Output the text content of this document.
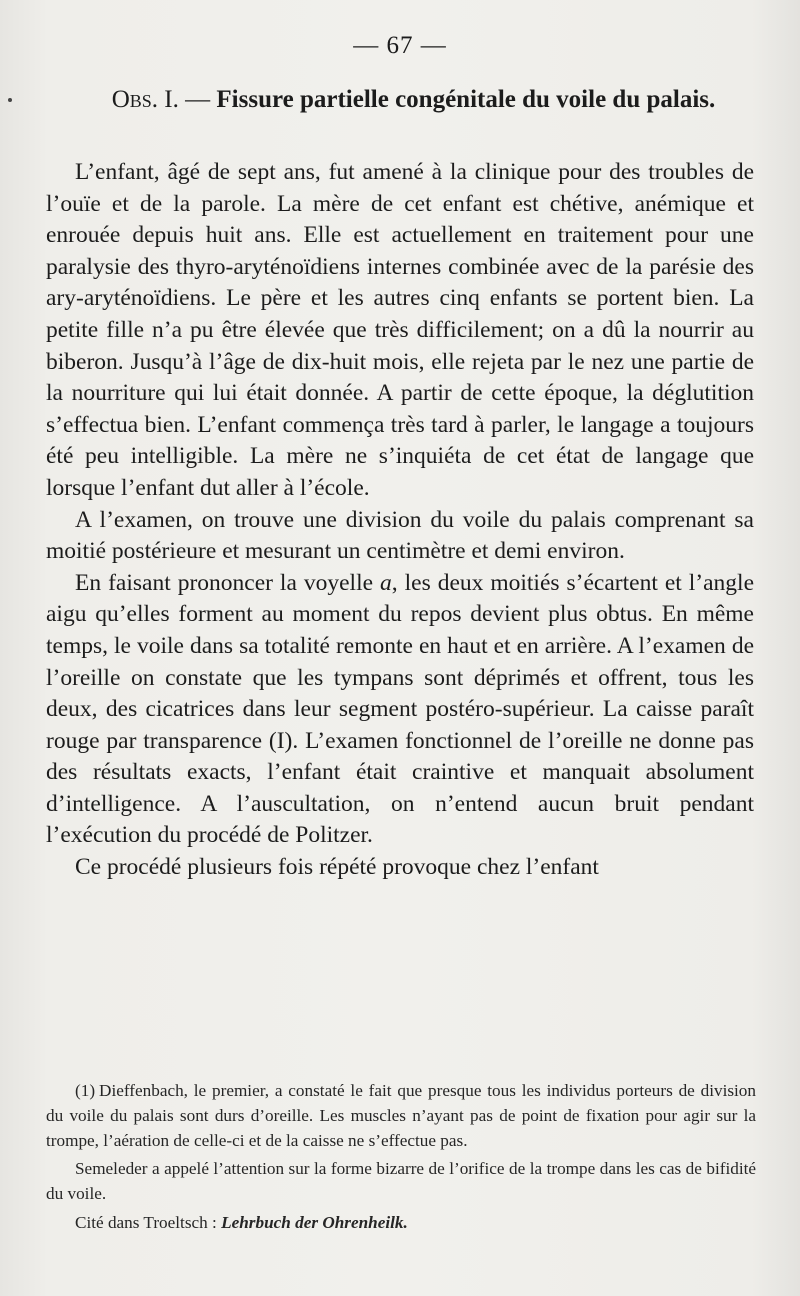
— 67 —
Obs. I. — Fissure partielle congénitale du voile du palais.

L’enfant, âgé de sept ans, fut amené à la clinique pour des troubles de l’ouïe et de la parole. La mère de cet enfant est chétive, anémique et enrouée depuis huit ans. Elle est actuellement en traitement pour une paralysie des thyro-aryténoïdiens internes combinée avec de la parésie des ary-aryténoïdiens. Le père et les autres cinq enfants se portent bien. La petite fille n’a pu être élevée que très difficilement; on a dû la nourrir au biberon. Jusqu’à l’âge de dix-huit mois, elle rejeta par le nez une partie de la nourriture qui lui était donnée. A partir de cette époque, la déglutition s’effectua bien. L’enfant commença très tard à parler, le langage a toujours été peu intelligible. La mère ne s’inquiéta de cet état de langage que lorsque l’enfant dut aller à l’école.

A l’examen, on trouve une division du voile du palais comprenant sa moitié postérieure et mesurant un centimètre et demi environ.

En faisant prononcer la voyelle a, les deux moitiés s’écartent et l’angle aigu qu’elles forment au moment du repos devient plus obtus. En même temps, le voile dans sa totalité remonte en haut et en arrière. A l’examen de l’oreille on constate que les tympans sont déprimés et offrent, tous les deux, des cicatrices dans leur segment postéro-supérieur. La caisse paraît rouge par transparence (I). L’examen fonctionnel de l’oreille ne donne pas des résultats exacts, l’enfant était craintive et manquait absolument d’intelligence. A l’auscultation, on n’entend aucun bruit pendant l’exécution du procédé de Politzer.

Ce procédé plusieurs fois répété provoque chez l’enfant

(1) Dieffenbach, le premier, a constaté le fait que presque tous les individus porteurs de division du voile du palais sont durs d’oreille. Les muscles n’ayant pas de point de fixation pour agir sur la trompe, l’aération de celle-ci et de la caisse ne s’effectue pas.

Semeleder a appelé l’attention sur la forme bizarre de l’orifice de la trompe dans les cas de bifidité du voile.

Cité dans Troeltsch : Lehrbuch der Ohrenheilk.
